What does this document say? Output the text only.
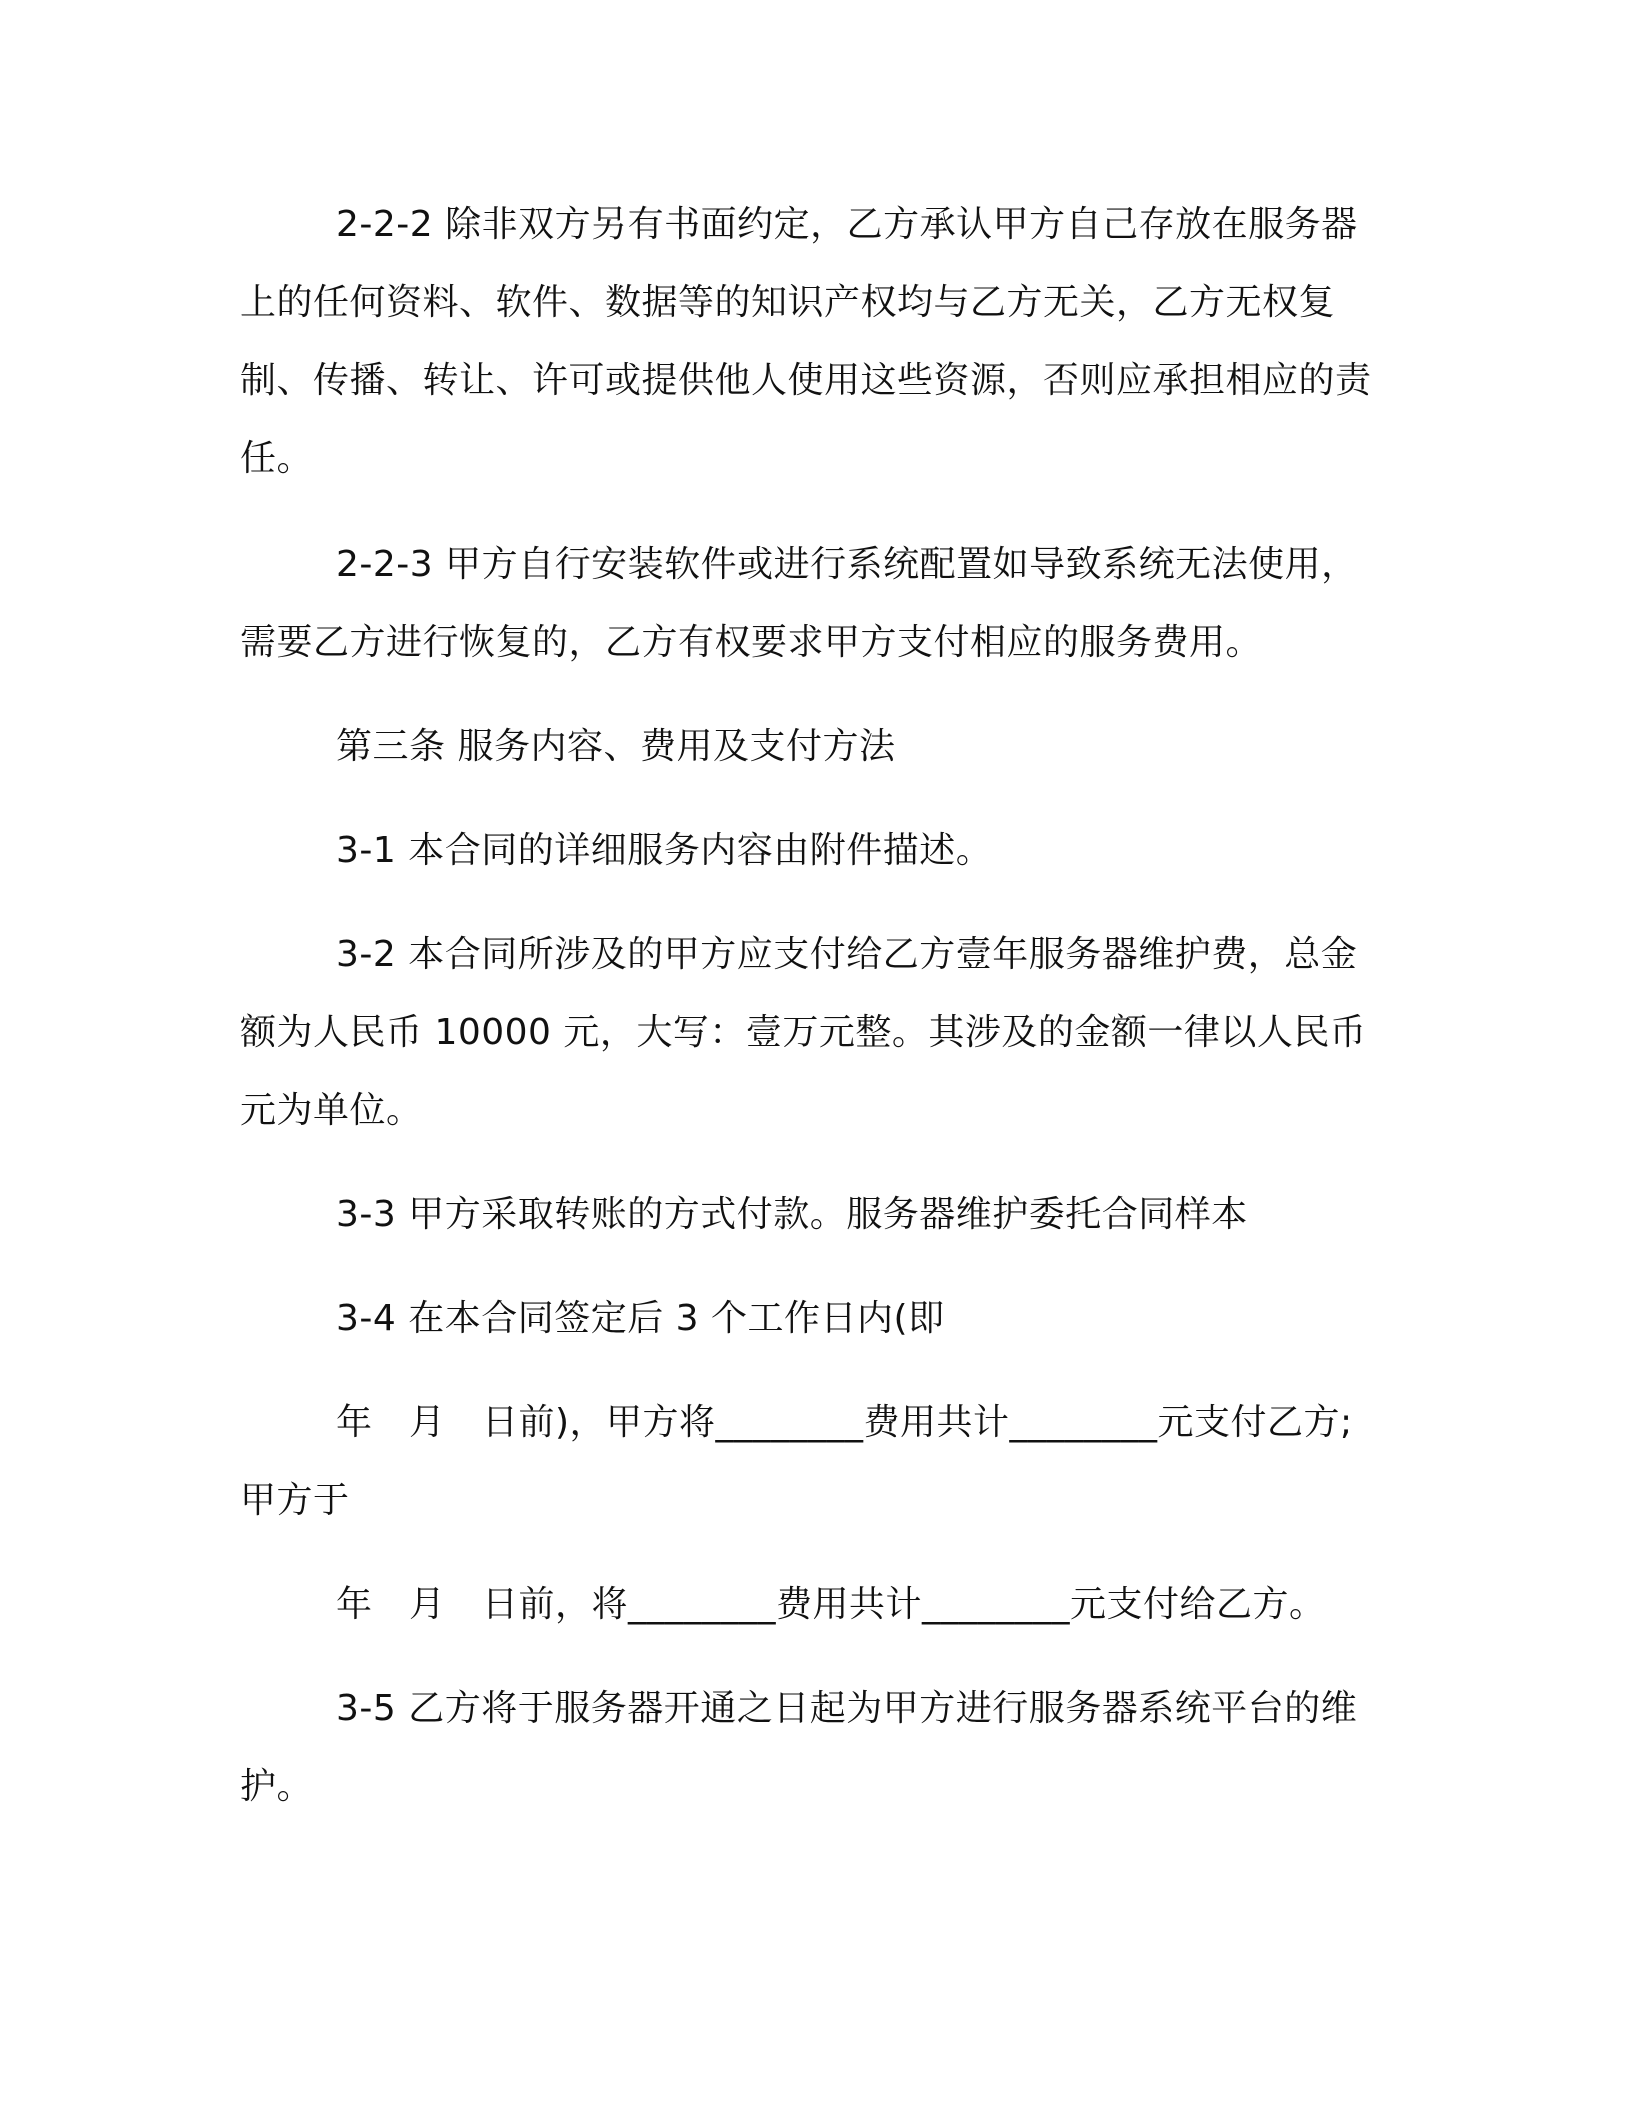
2-2-2 除非双方另有书面约定，乙方承认甲方自己存放在服务器上的任何资料、软件、数据等的知识产权均与乙方无关，乙方无权复制、传播、转让、许可或提供他人使用这些资源，否则应承担相应的责任。

2-2-3 甲方自行安装软件或进行系统配置如导致系统无法使用，需要乙方进行恢复的，乙方有权要求甲方支付相应的服务费用。

第三条 服务内容、费用及支付方法

3-1 本合同的详细服务内容由附件描述。

3-2 本合同所涉及的甲方应支付给乙方壹年服务器维护费，总金额为人民币 10000 元，大写：壹万元整。其涉及的金额一律以人民币元为单位。

3-3 甲方采取转账的方式付款。服务器维护委托合同样本

3-4 在本合同签定后 3 个工作日内(即

年　月　日前)，甲方将________费用共计________元支付乙方;甲方于

年　月　日前，将________费用共计________元支付给乙方。

3-5 乙方将于服务器开通之日起为甲方进行服务器系统平台的维护。
